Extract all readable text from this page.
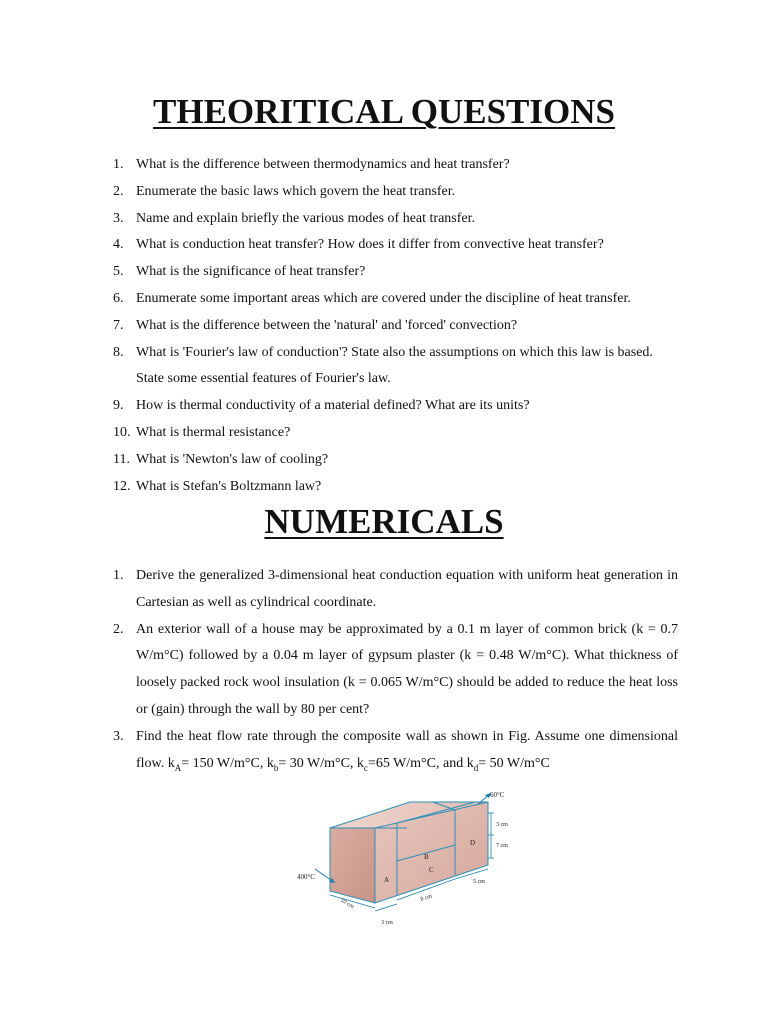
THEORITICAL QUESTIONS
1. What is the difference between thermodynamics and heat transfer?
2. Enumerate the basic laws which govern the heat transfer.
3. Name and explain briefly the various modes of heat transfer.
4. What is conduction heat transfer? How does it differ from convective heat transfer?
5. What is the significance of heat transfer?
6. Enumerate some important areas which are covered under the discipline of heat transfer.
7. What is the difference between the 'natural' and 'forced' convection?
8. What is 'Fourier's law of conduction'? State also the assumptions on which this law is based. State some essential features of Fourier's law.
9. How is thermal conductivity of a material defined? What are its units?
10. What is thermal resistance?
11. What is 'Newton's law of cooling?
12. What is Stefan's Boltzmann law?
NUMERICALS
1. Derive the generalized 3-dimensional heat conduction equation with uniform heat generation in Cartesian as well as cylindrical coordinate.
2. An exterior wall of a house may be approximated by a 0.1 m layer of common brick (k = 0.7 W/m°C) followed by a 0.04 m layer of gypsum plaster (k = 0.48 W/m°C). What thickness of loosely packed rock wool insulation (k = 0.065 W/m°C) should be added to reduce the heat loss or (gain) through the wall by 80 per cent?
3. Find the heat flow rate through the composite wall as shown in Fig. Assume one dimensional flow. $k_A= 150$ W/m°C, $k_b= 30$ W/m°C, $k_c=65$ W/m°C, and $k_d= 50$ W/m°C
A
B
C
D
400°C
60°C
3 cm
7 cm
5 cm
8 cm
10 cm
3 cm
